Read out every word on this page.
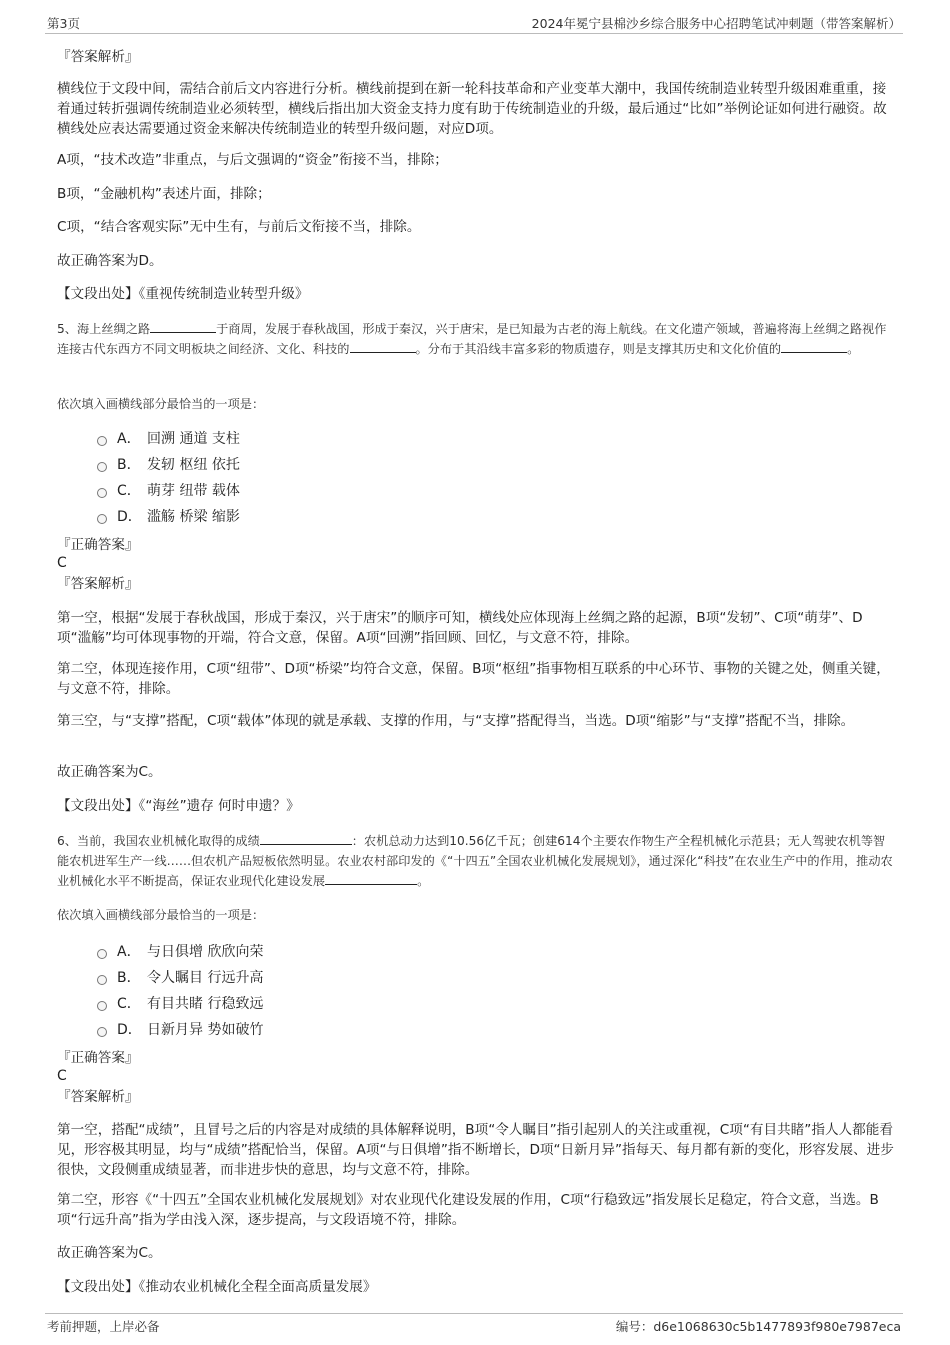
第3页	2024年冕宁县棉沙乡综合服务中心招聘笔试冲刺题（带答案解析）
『答案解析』

横线位于文段中间，需结合前后文内容进行分析。横线前提到在新一轮科技革命和产业变革大潮中，我国传统制造业转型升级困难重重，接着通过转折强调传统制造业必须转型，横线后指出加大资金支持力度有助于传统制造业的升级，最后通过“比如”举例论证如何进行融资。故横线处应表达需要通过资金来解决传统制造业的转型升级问题，对应D项。

A项，“技术改造”非重点，与后文强调的“资金”衔接不当，排除；

B项，“金融机构”表述片面，排除；

C项，“结合客观实际”无中生有，与前后文衔接不当，排除。

故正确答案为D。

【文段出处】《重视传统制造业转型升级》

5、海上丝绸之路	于商周，发展于春秋战国，形成于秦汉，兴于唐宋，是已知最为古老的海上航线。在文化遗产领域，普遍将海上丝绸之路视作连接古代东西方不同文明板块之间经济、文化、科技的	。分布于其沿线丰富多彩的物质遗存，则是支撑其历史和文化价值的	。

依次填入画横线部分最恰当的一项是：

A． 回溯 通道 支柱
B． 发轫 枢纽 依托
C． 萌芽 纽带 载体
D． 滥觞 桥梁 缩影
『正确答案』
C
『答案解析』

第一空，根据“发展于春秋战国，形成于秦汉，兴于唐宋”的顺序可知，横线处应体现海上丝绸之路的起源，B项“发轫”、C项“萌芽”、D项“滥觞”均可体现事物的开端，符合文意，保留。A项“回溯”指回顾、回忆，与文意不符，排除。

第二空，体现连接作用，C项“纽带”、D项“桥梁”均符合文意，保留。B项“枢纽”指事物相互联系的中心环节、事物的关键之处，侧重关键，与文意不符，排除。

第三空，与“支撑”搭配，C项“载体”体现的就是承载、支撑的作用，与“支撑”搭配得当，当选。D项“缩影”与“支撑”搭配不当，排除。

故正确答案为C。

【文段出处】《“海丝”遗存 何时申遗？》

6、当前，我国农业机械化取得的成绩	：农机总动力达到10.56亿千瓦；创建614个主要农作物生产全程机械化示范县；无人驾驶农机等智能农机进军生产一线……但农机产品短板依然明显。农业农村部印发的《“十四五”全国农业机械化发展规划》，通过深化“科技”在农业生产中的作用，推动农业机械化水平不断提高，保证农业现代化建设发展	。

依次填入画横线部分最恰当的一项是：

A． 与日俱增 欣欣向荣
B． 令人瞩目 行远升高
C． 有目共睹 行稳致远
D． 日新月异 势如破竹
『正确答案』
C
『答案解析』

第一空，搭配“成绩”，且冒号之后的内容是对成绩的具体解释说明，B项“令人瞩目”指引起别人的关注或重视，C项“有目共睹”指人人都能看见，形容极其明显，均与“成绩”搭配恰当，保留。A项“与日俱增”指不断增长，D项“日新月异”指每天、每月都有新的变化，形容发展、进步很快，文段侧重成绩显著，而非进步快的意思，均与文意不符，排除。

第二空，形容《“十四五”全国农业机械化发展规划》对农业现代化建设发展的作用，C项“行稳致远”指发展长足稳定，符合文意，当选。B项“行远升高”指为学由浅入深，逐步提高，与文段语境不符，排除。

故正确答案为C。

【文段出处】《推动农业机械化全程全面高质量发展》

考前押题，上岸必备	编号：d6e1068630c5b1477893f980e7987eca
